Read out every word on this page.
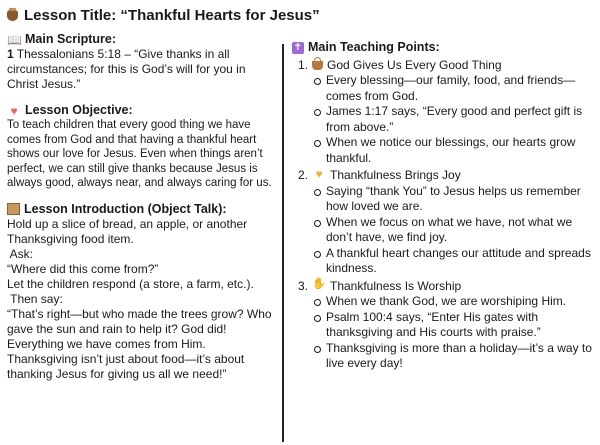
Lesson Title: “Thankful Hearts for Jesus”
📖 Main Scripture:

1 Thessalonians 5:18 – “Give thanks in all circumstances; for this is God’s will for you in Christ Jesus.”

♥ Lesson Objective:

To teach children that every good thing we have comes from God and that having a thankful heart shows our love for Jesus. Even when things aren’t perfect, we can still give thanks because Jesus is always good, always near, and always caring for us.

Lesson Introduction (Object Talk):

Hold up a slice of bread, an apple, or another Thanksgiving food item.

Ask:

“Where did this come from?”

Let the children respond (a store, a farm, etc.).

Then say:

“That’s right—but who made the trees grow? Who gave the sun and rain to help it? God did! Everything we have comes from Him. Thanksgiving isn’t just about food—it’s about thanking Jesus for giving us all we need!”

✝ Main Teaching Points:
1. God Gives Us Every Good Thing
Every blessing—our family, food, and friends—comes from God.
James 1:17 says, “Every good and perfect gift is from above.”
When we notice our blessings, our hearts grow thankful.
2. ♥ Thankfulness Brings Joy
Saying “thank You” to Jesus helps us remember how loved we are.
When we focus on what we have, not what we don’t have, we find joy.
A thankful heart changes our attitude and spreads kindness.
3. ✋ Thankfulness Is Worship
When we thank God, we are worshiping Him.
Psalm 100:4 says, “Enter His gates with thanksgiving and His courts with praise.”
Thanksgiving is more than a holiday—it’s a way to live every day!
